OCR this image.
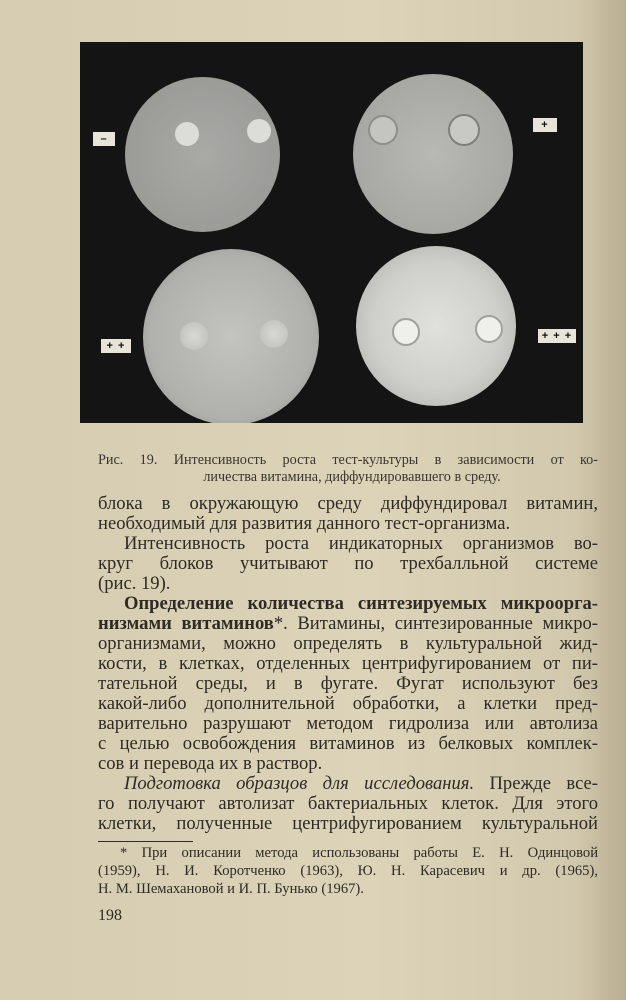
–
+
+ +
+ + +
Рис. 19. Интенсивность роста тест-культуры в зависимости от ко-
личества витамина, диффундировавшего в среду.
блока в окружающую среду диффундировал витамин,
необходимый для развития данного тест-организма.
Интенсивность роста индикаторных организмов во-
круг блоков учитывают по трехбалльной системе
(рис. 19).
Определение количества синтезируемых микроорга-
низмами витаминов*. Витамины, синтезированные микро-
организмами, можно определять в культуральной жид-
кости, в клетках, отделенных центрифугированием от пи-
тательной среды, и в фугате. Фугат используют без
какой-либо дополнительной обработки, а клетки пред-
варительно разрушают методом гидролиза или автолиза
с целью освобождения витаминов из белковых комплек-
сов и перевода их в раствор.
Подготовка образцов для исследования. Прежде все-
го получают автолизат бактериальных клеток. Для этого
клетки, полученные центрифугированием культуральной
* При описании метода использованы работы Е. Н. Одинцовой
(1959), Н. И. Коротченко (1963), Ю. Н. Карасевич и др. (1965),
Н. М. Шемахановой и И. П. Бунько (1967).
198
